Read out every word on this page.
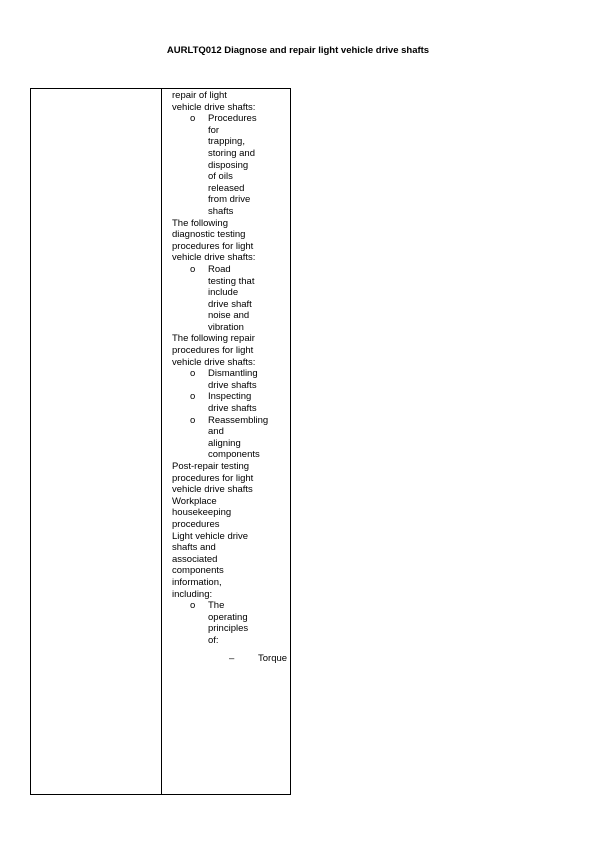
AURLTQ012 Diagnose and repair light vehicle drive shafts

repair of light vehicle drive shafts:

o Procedures for trapping, storing and disposing of oils released from drive shafts

The following diagnostic testing procedures for light vehicle drive shafts:

o Road testing that include drive shaft noise and vibration

The following repair procedures for light vehicle drive shafts:

o Dismantling drive shafts
o Inspecting drive shafts
o Reassembling and aligning components

Post-repair testing procedures for light vehicle drive shafts

Workplace housekeeping procedures

Light vehicle drive shafts and associated components information, including:

o The operating principles of:
– Torque
